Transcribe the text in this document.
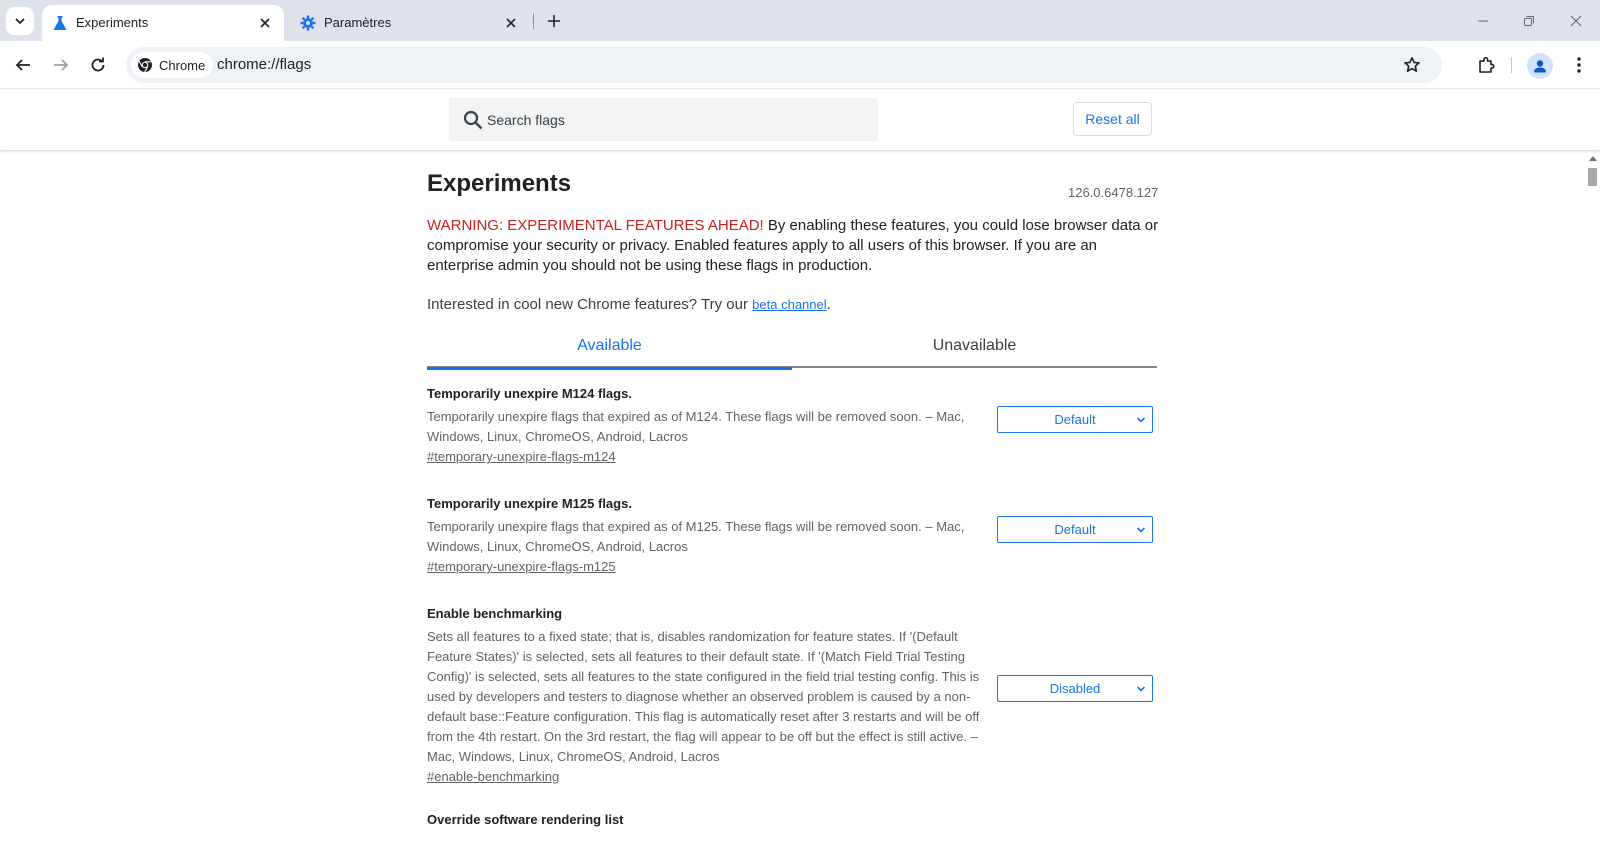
Experiments	Paramètres
Chrome chrome://flags
Search flags
Reset all
Experiments	126.0.6478.127

WARNING: EXPERIMENTAL FEATURES AHEAD! By enabling these features, you could lose browser data or compromise your security or privacy. Enabled features apply to all users of this browser. If you are an enterprise admin you should not be using these flags in production.

Interested in cool new Chrome features? Try our beta channel.

Available	Unavailable
Temporarily unexpire M124 flags.
Temporarily unexpire flags that expired as of M124. These flags will be removed soon. – Mac, Windows, Linux, ChromeOS, Android, Lacros
#temporary-unexpire-flags-m124
Default
Temporarily unexpire M125 flags.
Temporarily unexpire flags that expired as of M125. These flags will be removed soon. – Mac, Windows, Linux, ChromeOS, Android, Lacros
#temporary-unexpire-flags-m125
Default
Enable benchmarking
Sets all features to a fixed state; that is, disables randomization for feature states. If '(Default Feature States)' is selected, sets all features to their default state. If '(Match Field Trial Testing Config)' is selected, sets all features to the state configured in the field trial testing config. This is used by developers and testers to diagnose whether an observed problem is caused by a non-default base::Feature configuration. This flag is automatically reset after 3 restarts and will be off from the 4th restart. On the 3rd restart, the flag will appear to be off but the effect is still active. – Mac, Windows, Linux, ChromeOS, Android, Lacros
#enable-benchmarking
Disabled
Override software rendering list
